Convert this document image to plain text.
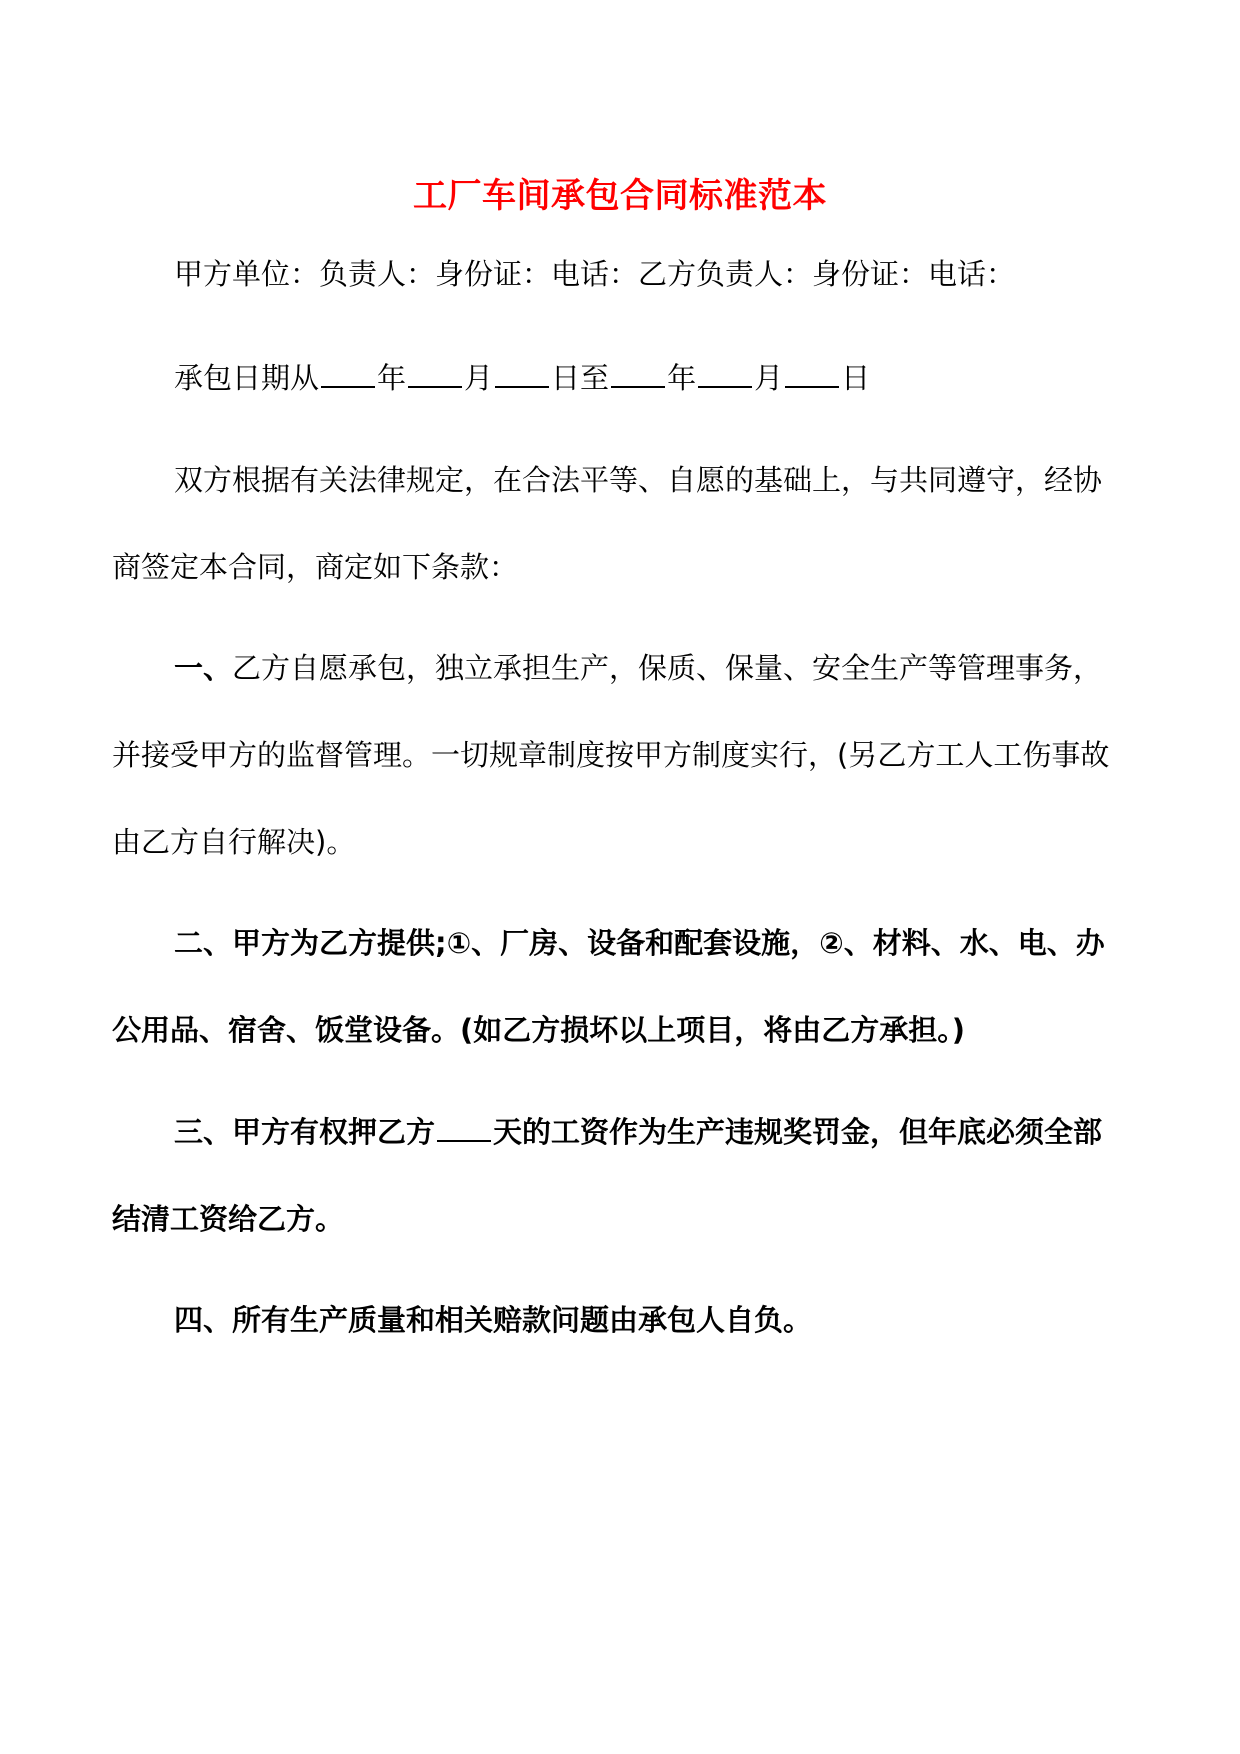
工厂车间承包合同标准范本
甲方单位：负责人：身份证：电话：乙方负责人：身份证：电话：
承包日期从 年 月 日至 年 月 日
双方根据有关法律规定，在合法平等、自愿的基础上，与共同遵守，经协
商签定本合同，商定如下条款：
一、乙方自愿承包，独立承担生产，保质、保量、安全生产等管理事务，
并接受甲方的监督管理。一切规章制度按甲方制度实行，(另乙方工人工伤事故
由乙方自行解决)。
二、甲方为乙方提供;①、厂房、设备和配套设施，②、材料、水、电、办
公用品、宿舍、饭堂设备。(如乙方损坏以上项目，将由乙方承担。)
三、甲方有权押乙方 天的工资作为生产违规奖罚金，但年底必须全部
结清工资给乙方。
四、所有生产质量和相关赔款问题由承包人自负。
